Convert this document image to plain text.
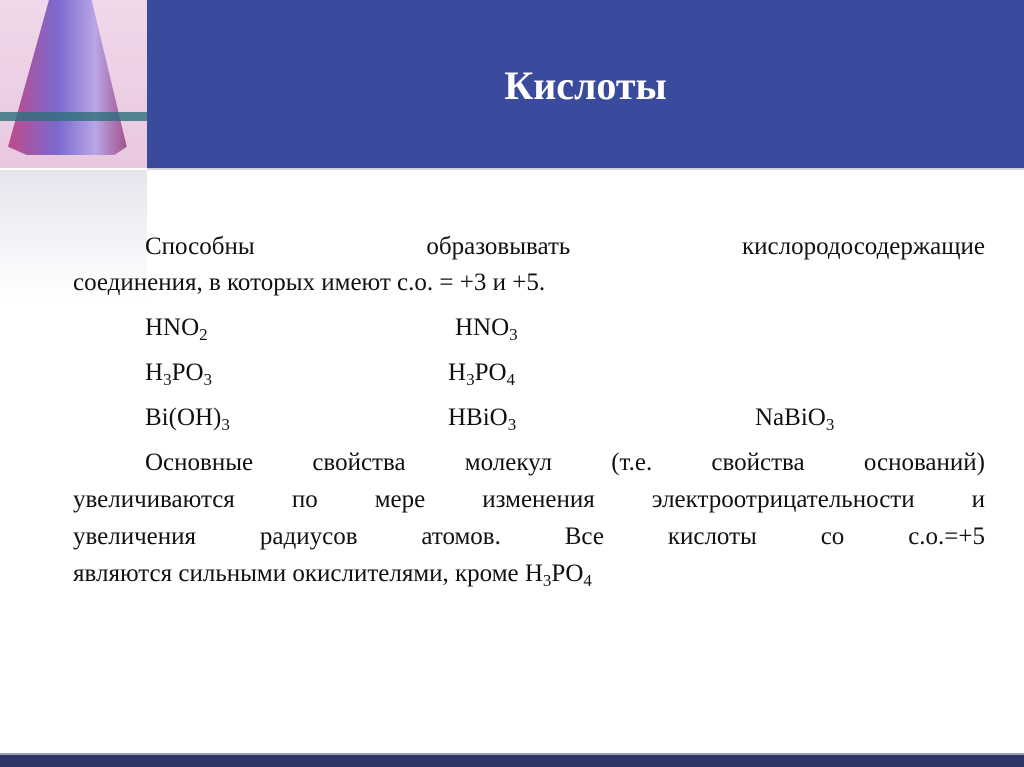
Кислоты
Способны образовывать кислородосодержащие
соединения, в которых имеют с.о. = +3 и +5.
$HNO_2$	$HNO_3$
$H_3PO_3$	$H_3PO_4$
$Bi(OH)_3$	HBiO$_3$	NaBiO$_3$
Основные свойства молекул (т.е. свойства оснований)
увеличиваются по мере изменения электроотрицательности и
увеличения радиусов атомов. Все кислоты со с.о.=+5
являются сильными окислителями, кроме $H_3PO_4$
